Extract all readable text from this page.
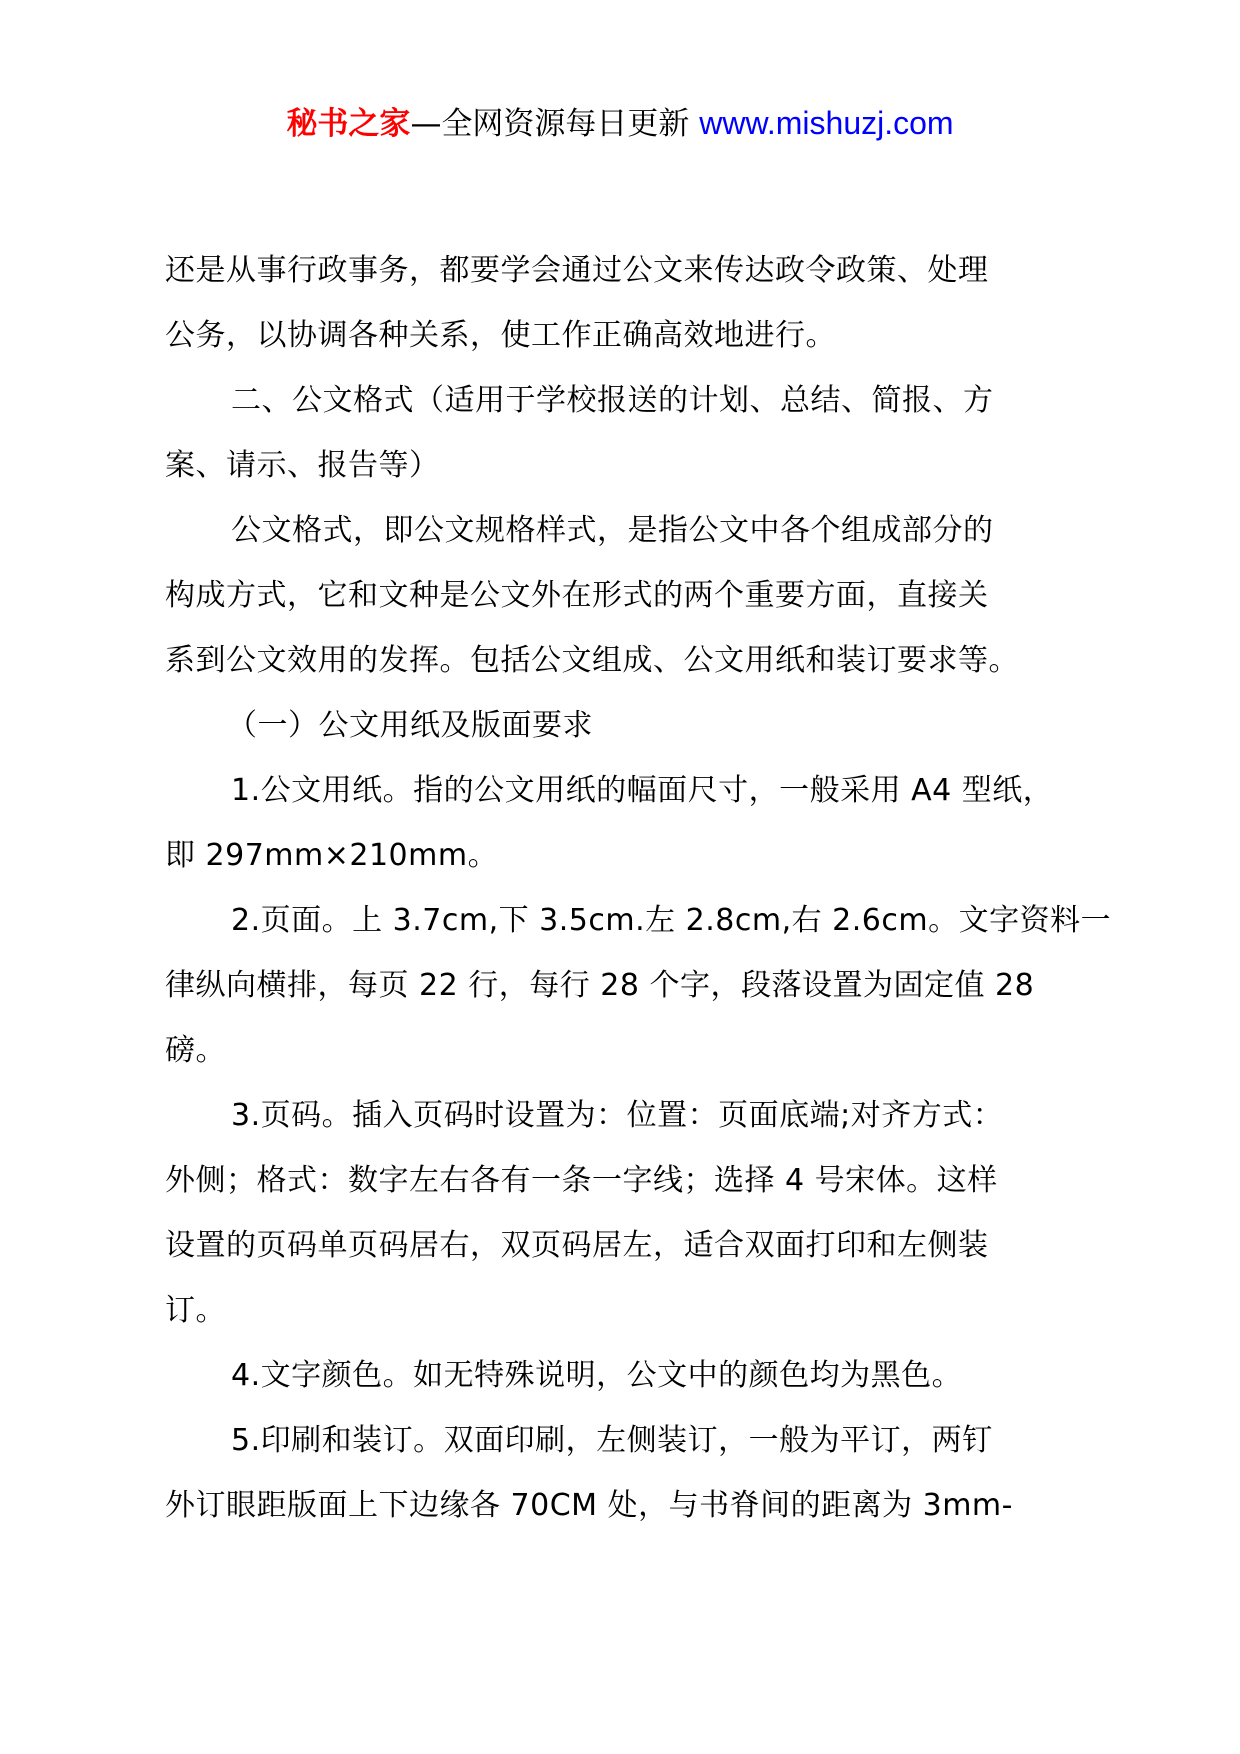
秘书之家—全网资源每日更新 www.mishuzj.com

还是从事行政事务，都要学会通过公文来传达政令政策、处理

公务，以协调各种关系，使工作正确高效地进行。

二、公文格式（适用于学校报送的计划、总结、简报、方

案、请示、报告等）

公文格式，即公文规格样式，是指公文中各个组成部分的

构成方式，它和文种是公文外在形式的两个重要方面，直接关

系到公文效用的发挥。包括公文组成、公文用纸和装订要求等。

（一）公文用纸及版面要求

1.公文用纸。指的公文用纸的幅面尺寸，一般采用 A4 型纸，

即 297mm×210mm。

2.页面。上 3.7cm,下 3.5cm.左 2.8cm,右 2.6cm。文字资料一

律纵向横排，每页 22 行，每行 28 个字，段落设置为固定值 28

磅。

3.页码。插入页码时设置为：位置：页面底端;对齐方式：

外侧；格式：数字左右各有一条一字线；选择 4 号宋体。这样

设置的页码单页码居右，双页码居左，适合双面打印和左侧装

订。

4.文字颜色。如无特殊说明，公文中的颜色均为黑色。

5.印刷和装订。双面印刷，左侧装订，一般为平订，两钉

外订眼距版面上下边缘各 70CM 处，与书脊间的距离为 3mm-
